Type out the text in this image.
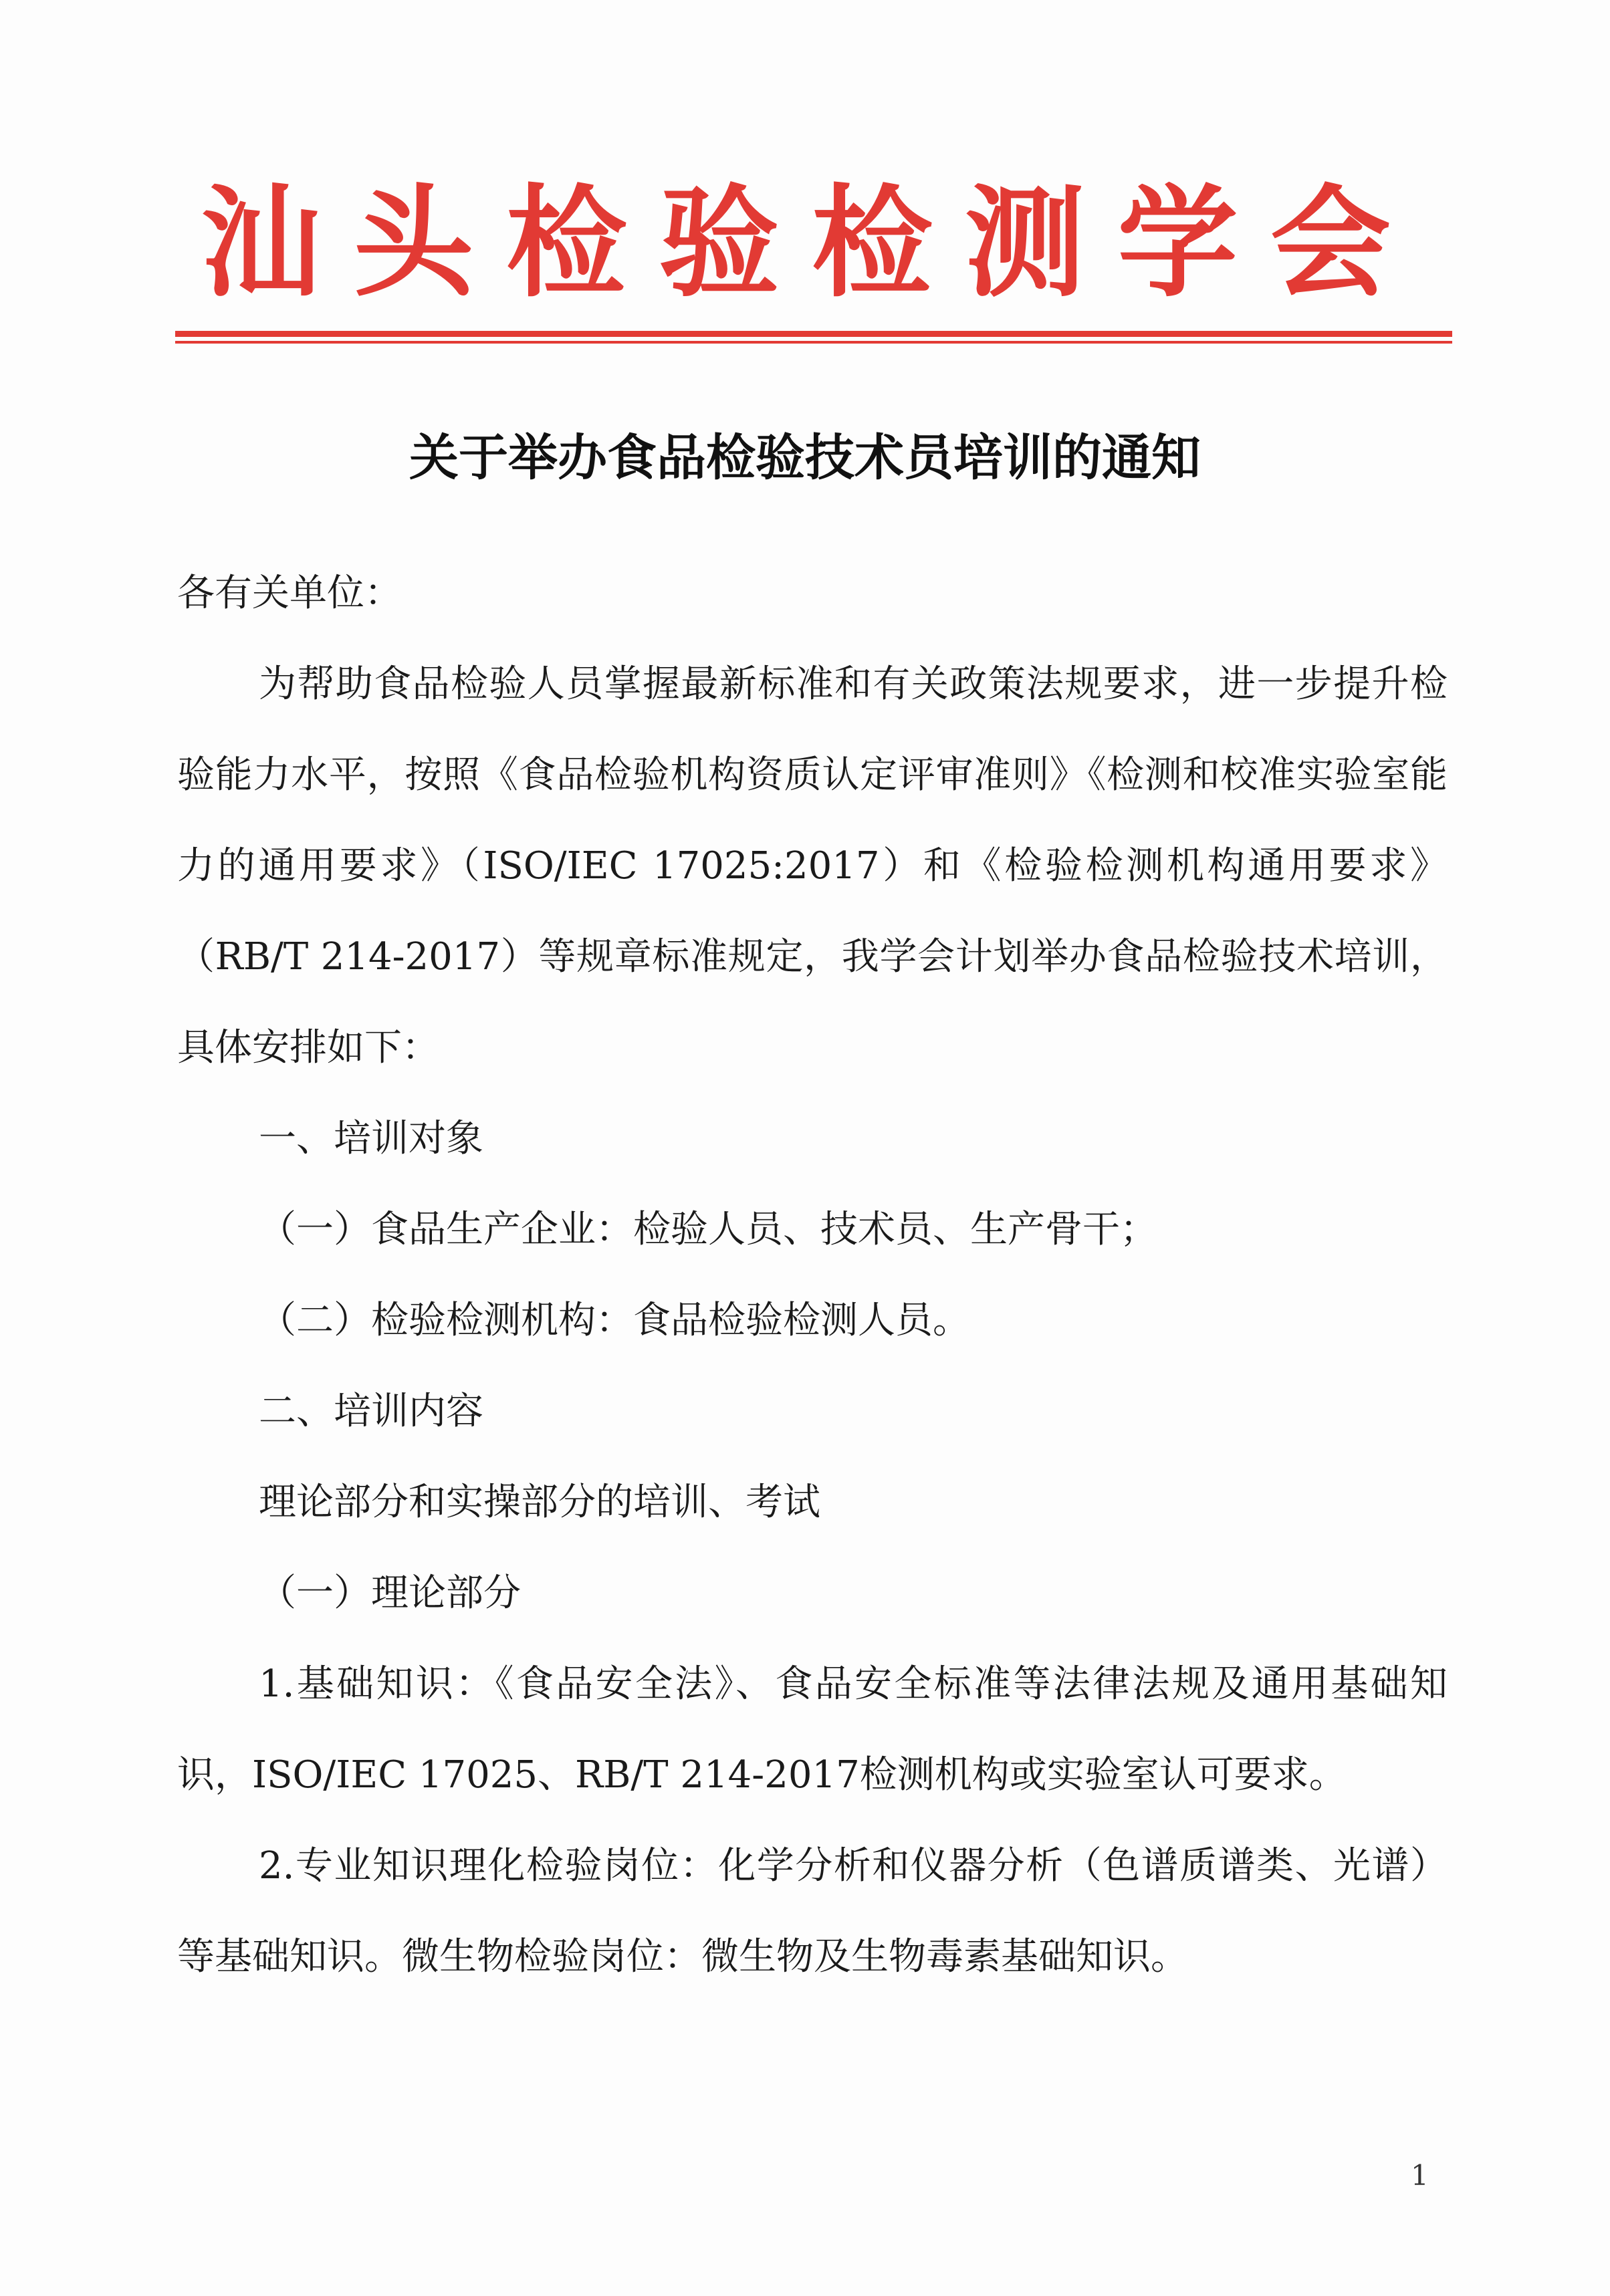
汕 头 检 验 检 测 学 会
关于举办食品检验技术员培训的通知

各有关单位：

为帮助食品检验人员掌握最新标准和有关政策法规要求，进一步提升检验能力水平，按照《食品检验机构资质认定评审准则》《检测和校准实验室能力的通用要求》（ISO/IEC 17025:2017）和《检验检测机构通用要求》（RB/T 214-2017）等规章标准规定，我学会计划举办食品检验技术培训，具体安排如下：

一、培训对象

（一）食品生产企业：检验人员、技术员、生产骨干；

（二）检验检测机构：食品检验检测人员。

二、培训内容

理论部分和实操部分的培训、考试

（一）理论部分

1.基础知识：《食品安全法》、食品安全标准等法律法规及通用基础知识，ISO/IEC 17025、RB/T 214-2017检测机构或实验室认可要求。

2.专业知识理化检验岗位：化学分析和仪器分析（色谱质谱类、光谱）等基础知识。微生物检验岗位：微生物及生物毒素基础知识。

1
